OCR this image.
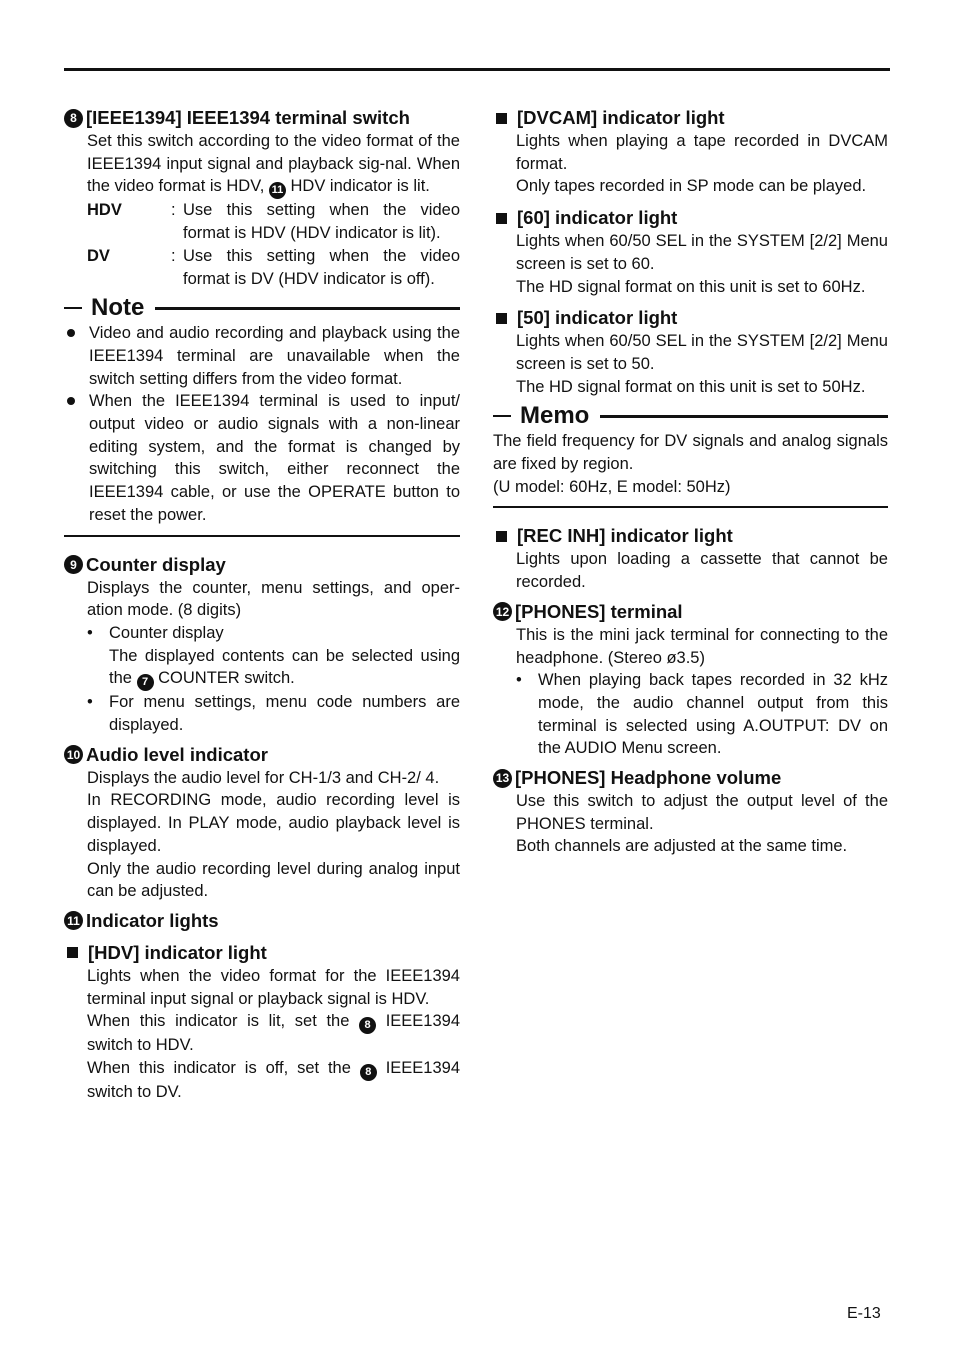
8 [IEEE1394] IEEE1394 terminal switch
Set this switch according to the video format of the IEEE1394 input signal and playback sig-nal. When the video format is HDV, 11 HDV indicator is lit.
HDV	: Use this setting when the video format is HDV (HDV indicator is lit).
DV	: Use this setting when the video format is DV (HDV indicator is off).
Note
Video and audio recording and playback using the IEEE1394 terminal are unavailable when the switch setting differs from the video format.
When the IEEE1394 terminal is used to input/ output video or audio signals with a non-linear editing system, and the format is changed by switching this switch, either reconnect the IEEE1394 cable, or use the OPERATE button to reset the power.
9 Counter display
Displays the counter, menu settings, and oper-ation mode. (8 digits)
• Counter display
The displayed contents can be selected using the 7 COUNTER switch.
• For menu settings, menu code numbers are displayed.
10 Audio level indicator
Displays the audio level for CH-1/3 and CH-2/ 4.
In RECORDING mode, audio recording level is displayed. In PLAY mode, audio playback level is displayed.
Only the audio recording level during analog input can be adjusted.
11 Indicator lights
[HDV] indicator light
Lights when the video format for the IEEE1394 terminal input signal or playback signal is HDV.
When this indicator is lit, set the 8 IEEE1394 switch to HDV.
When this indicator is off, set the 8 IEEE1394 switch to DV.
[DVCAM] indicator light
Lights when playing a tape recorded in DVCAM format.
Only tapes recorded in SP mode can be played.
[60] indicator light
Lights when 60/50 SEL in the SYSTEM [2/2] Menu screen is set to 60.
The HD signal format on this unit is set to 60Hz.
[50] indicator light
Lights when 60/50 SEL in the SYSTEM [2/2] Menu screen is set to 50.
The HD signal format on this unit is set to 50Hz.
Memo
The field frequency for DV signals and analog signals are fixed by region.
(U model: 60Hz, E model: 50Hz)
[REC INH] indicator light
Lights upon loading a cassette that cannot be recorded.
12 [PHONES] terminal
This is the mini jack terminal for connecting to the headphone. (Stereo ø3.5)
• When playing back tapes recorded in 32 kHz mode, the audio channel output from this terminal is selected using A.OUTPUT: DV on the AUDIO Menu screen.
13 [PHONES] Headphone volume
Use this switch to adjust the output level of the PHONES terminal.
Both channels are adjusted at the same time.
E-13
